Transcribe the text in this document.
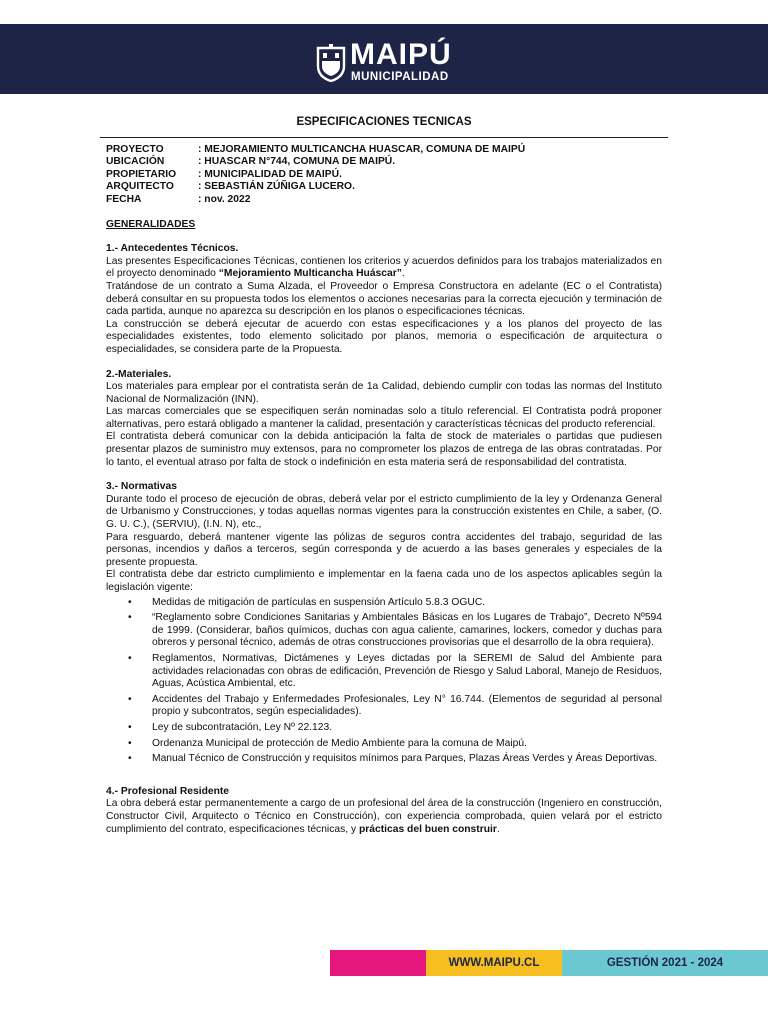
MAIPÚ
MUNICIPALIDAD
ESPECIFICACIONES TECNICAS
PROYECTO	: MEJORAMIENTO MULTICANCHA HUASCAR, COMUNA DE MAIPÚ
UBICACIÓN	: HUASCAR N°744, COMUNA DE MAIPÚ.
PROPIETARIO	: MUNICIPALIDAD DE MAIPÚ.
ARQUITECTO	: SEBASTIÁN ZÚÑIGA LUCERO.
FECHA	: nov. 2022
GENERALIDADES
1.- Antecedentes Técnicos.

Las presentes Especificaciones Técnicas, contienen los criterios y acuerdos definidos para los trabajos materializados en el proyecto denominado “Mejoramiento Multicancha Huáscar”.

Tratándose de un contrato a Suma Alzada, el Proveedor o Empresa Constructora en adelante (EC o el Contratista) deberá consultar en su propuesta todos los elementos o acciones necesarias para la correcta ejecución y terminación de cada partida, aunque no aparezca su descripción en los planos o especificaciones técnicas.

La construcción se deberá ejecutar de acuerdo con estas especificaciones y a los planos del proyecto de las especialidades existentes, todo elemento solicitado por planos, memoria o especificación de arquitectura o especialidades, se considera parte de la Propuesta.

2.-Materiales.

Los materiales para emplear por el contratista serán de 1a Calidad, debiendo cumplir con todas las normas del Instituto Nacional de Normalización (INN).

Las marcas comerciales que se especifiquen serán nominadas solo a título referencial. El Contratista podrá proponer alternativas, pero estará obligado a mantener la calidad, presentación y características técnicas del producto referencial.

El contratista deberá comunicar con la debida anticipación la falta de stock de materiales o partidas que pudiesen presentar plazos de suministro muy extensos, para no comprometer los plazos de entrega de las obras contratadas. Por lo tanto, el eventual atraso por falta de stock o indefinición en esta materia será de responsabilidad del contratista.

3.- Normativas

Durante todo el proceso de ejecución de obras, deberá velar por el estricto cumplimiento de la ley y Ordenanza General de Urbanismo y Construcciones, y todas aquellas normas vigentes para la construcción existentes en Chile, a saber, (O. G. U. C.), (SERVIU), (I.N. N), etc.,

Para resguardo, deberá mantener vigente las pólizas de seguros contra accidentes del trabajo, seguridad de las personas, incendios y daños a terceros, según corresponda y de acuerdo a las bases generales y especiales de la presente propuesta.

El contratista debe dar estricto cumplimiento e implementar en la faena cada uno de los aspectos aplicables según la legislación vigente:

• Medidas de mitigación de partículas en suspensión Artículo 5.8.3 OGUC.
• “Reglamento sobre Condiciones Sanitarias y Ambientales Básicas en los Lugares de Trabajo”, Decreto Nº594 de 1999. (Considerar, baños químicos, duchas con agua caliente, camarines, lockers, comedor y duchas para obreros y personal técnico, además de otras construcciones provisorias que el desarrollo de la obra requiera).
• Reglamentos, Normativas, Dictámenes y Leyes dictadas por la SEREMI de Salud del Ambiente para actividades relacionadas con obras de edificación, Prevención de Riesgo y Salud Laboral, Manejo de Residuos, Aguas, Acústica Ambiental, etc.
• Accidentes del Trabajo y Enfermedades Profesionales, Ley N° 16.744. (Elementos de seguridad al personal propio y subcontratos, según especialidades).
• Ley de subcontratación, Ley Nº 22.123.
• Ordenanza Municipal de protección de Medio Ambiente para la comuna de Maipú.
• Manual Técnico de Construcción y requisitos mínimos para Parques, Plazas Áreas Verdes y Áreas Deportivas.
4.- Profesional Residente

La obra deberá estar permanentemente a cargo de un profesional del área de la construcción (Ingeniero en construcción, Constructor Civil, Arquitecto o Técnico en Construcción), con experiencia comprobada, quien velará por el estricto cumplimiento del contrato, especificaciones técnicas, y prácticas del buen construir.

WWW.MAIPU.CL	GESTIÓN 2021 - 2024
